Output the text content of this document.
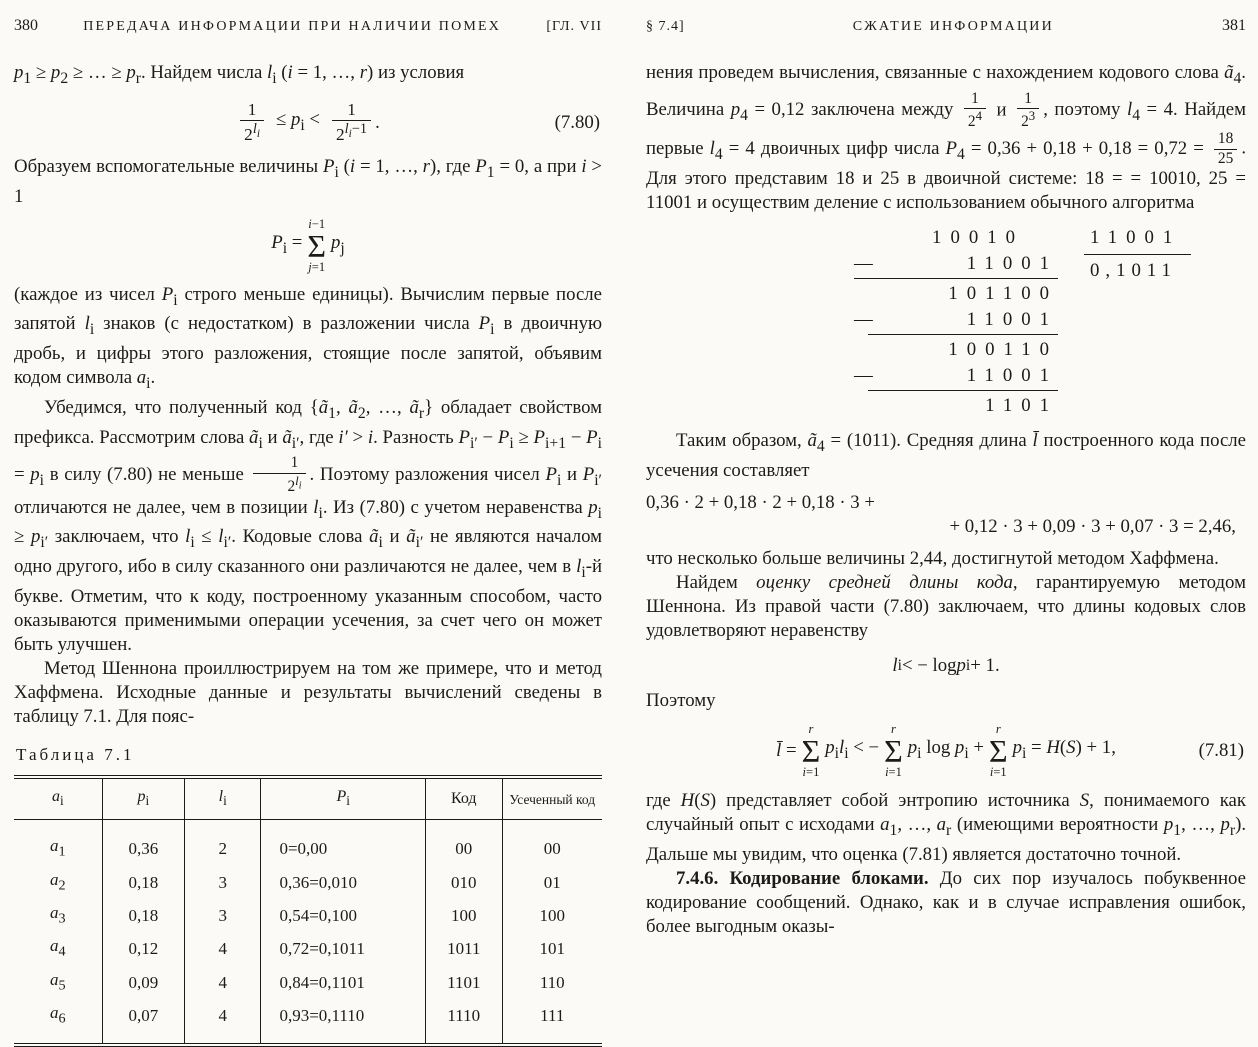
380	ПЕРЕДАЧА ИНФОРМАЦИИ ПРИ НАЛИЧИИ ПОМЕХ	[ГЛ. VII

$p_1 \ge p_2$ ≥ … ≥ $p_r$. Найдем числа $l_i$ (i = 1, …, r) из условия

$\frac{1}{2^{l_i}} \le p_i < \frac{1}{2^{l_i-1}}$ .	(7.80)

Образуем вспомогательные величины $P_i$ (i = 1, …, r), где $P_1 = 0$, а при i > 1

$P_i$ =
i−1
Σ
j=1
$p_j$

(каждое из чисел $P_i$ строго меньше единицы). Вычислим первые после запятой $l_i$ знаков (с недостатком) в разложении числа $P_i$ в двоичную дробь, и цифры этого разложения, стоящие после запятой, объявим кодом символа $a_i$.

Убедимся, что полученный код {$ã_1$, $ã_2$, …, $ã_r$} обладает свойством префикса. Рассмотрим слова $ã_i$ и $ã_{i'}$, где i′ > i. Разность $P_{i'} - P_i \ge P_{i+1} - P_i = p_i$ в силу (7.80) не меньше $\frac{1}{2^{l_i}}$ . Поэтому разложения чисел $P_i$ и $P_{i'}$ отличаются не далее, чем в позиции $l_i$. Из (7.80) с учетом неравенства $p_i \ge p_{i'}$ заключаем, что $l_i \le l_{i'}$. Кодовые слова $ã_i$ и $ã_{i'}$ не являются началом одно другого, ибо в силу сказанного они различаются не далее, чем в $l_i-й$ букве. Отметим, что к коду, построенному указанным способом, часто оказываются применимыми операции усечения, за счет чего он может быть улучшен.

Метод Шеннона проиллюстрируем на том же примере, что и метод Хаффмена. Исходные данные и результаты вычислений сведены в таблицу 7.1. Для пояс-

Таблица 7.1
$a_i$	$p_i$	$l_i$	$P_i$	Код	Усеченный код
$a_1$	0,36	2	0=0,00	00	00
$a_2$	0,18	3	0,36=0,010	010	01
$a_3$	0,18	3	0,54=0,100	100	100
$a_4$	0,12	4	0,72=0,1011	1011	101
$a_5$	0,09	4	0,84=0,1101	1101	110
$a_6$	0,07	4	0,93=0,1110	1110	111
§ 7.4]	СЖАТИЕ ИНФОРМАЦИИ	381

нения проведем вычисления, связанные с нахождением кодового слова $ã_4$. Величина $p_4 = 0,12$ заключена между $\frac{1}{2^4}$ и $\frac{1}{2^3}$ , поэтому $l_4 = 4$. Найдем первые $l_4 = 4$ двоичных цифр числа $P_4 = 0,36 + 0,18 + 0,18 = 0,72 = \frac{18}{25}$ . Для этого представим 18 и 25 в двоичной системе: 18 = = 10010, 25 = 11001 и осуществим деление с использованием обычного алгоритма

10010
—	11001
101100
—	11001
100110
—	11001
1101
11001
0,1011

Таким образом, $ã_4 = (1011)$. Средняя длина l̄ построенного кода после усечения составляет

0,36 · 2 + 0,18 · 2 + 0,18 · 3 +
+ 0,12 · 3 + 0,09 · 3 + 0,07 · 3 = 2,46,

что несколько больше величины 2,44, достигнутой методом Хаффмена.

Найдем оценку средней длины кода, гарантируемую методом Шеннона. Из правой части (7.80) заключаем, что длины кодовых слов удовлетворяют неравенству

l i < − log p i + 1.

Поэтому

l̄ =
r
Σ
i=1
$p_il_i$ < −
r
Σ
i=1
$p_i$ $\log p_i$ +
r
Σ
i=1
$p_i = H(S) + 1$,	(7.81)

где H(S) представляет собой энтропию источника S, понимаемого как случайный опыт с исходами $a_1$, …, $a_r$ (имеющими вероятности $p_1$, …, $p_r$). Дальше мы увидим, что оценка (7.81) является достаточно точной.

7.4.6. Кодирование блоками. До сих пор изучалось побуквенное кодирование сообщений. Однако, как и в случае исправления ошибок, более выгодным оказы-
